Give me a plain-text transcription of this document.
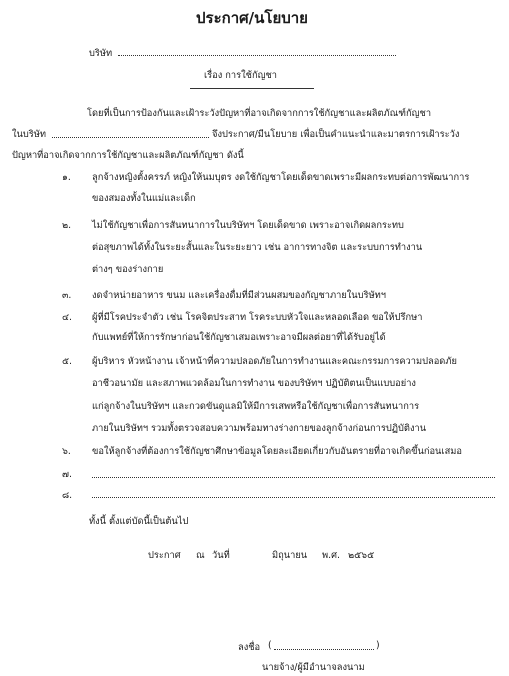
ประกาศ/นโยบาย
บริษัท
เรื่อง การใช้กัญชา
โดยที่เป็นการป้องกันและเฝ้าระวังปัญหาที่อาจเกิดจากการใช้กัญชาและผลิตภัณฑ์กัญชา
ในบริษัท	จึงประกาศ/มีนโยบาย เพื่อเป็นคำแนะนำและมาตรการเฝ้าระวัง
ปัญหาที่อาจเกิดจากการใช้กัญชาและผลิตภัณฑ์กัญชา ดังนี้
๑. ลูกจ้างหญิงตั้งครรภ์ หญิงให้นมบุตร งดใช้กัญชาโดยเด็ดขาดเพราะมีผลกระทบต่อการพัฒนาการ
ของสมองทั้งในแม่และเด็ก
๒. ไม่ใช้กัญชาเพื่อการสันทนาการในบริษัทฯ โดยเด็ดขาด เพราะอาจเกิดผลกระทบ
ต่อสุขภาพได้ทั้งในระยะสั้นและในระยะยาว เช่น อาการทางจิต และระบบการทำงาน
ต่างๆ ของร่างกาย
๓. งดจำหน่ายอาหาร ขนม และเครื่องดื่มที่มีส่วนผสมของกัญชาภายในบริษัทฯ
๔. ผู้ที่มีโรคประจำตัว เช่น โรคจิตประสาท โรคระบบหัวใจและหลอดเลือด ขอให้ปรึกษา
กับแพทย์ที่ให้การรักษาก่อนใช้กัญชาเสมอเพราะอาจมีผลต่อยาที่ได้รับอยู่ได้
๕. ผู้บริหาร หัวหน้างาน เจ้าหน้าที่ความปลอดภัยในการทำงานและคณะกรรมการความปลอดภัย
อาชีวอนามัย และสภาพแวดล้อมในการทำงาน ของบริษัทฯ ปฏิบัติตนเป็นแบบอย่าง
แก่ลูกจ้างในบริษัทฯ และกวดขันดูแลมิให้มีการเสพหรือใช้กัญชาเพื่อการสันทนาการ
ภายในบริษัทฯ รวมทั้งตรวจสอบความพร้อมทางร่างกายของลูกจ้างก่อนการปฏิบัติงาน
๖. ขอให้ลูกจ้างที่ต้องการใช้กัญชาศึกษาข้อมูลโดยละเอียดเกี่ยวกับอันตรายที่อาจเกิดขึ้นก่อนเสมอ
๗.
๘.
ทั้งนี้ ตั้งแต่บัดนี้เป็นต้นไป
ประกาศ ณ วันที่	มิถุนายน พ.ศ. ๒๕๖๕
ลงชื่อ (	)
นายจ้าง/ผู้มีอำนาจลงนาม
